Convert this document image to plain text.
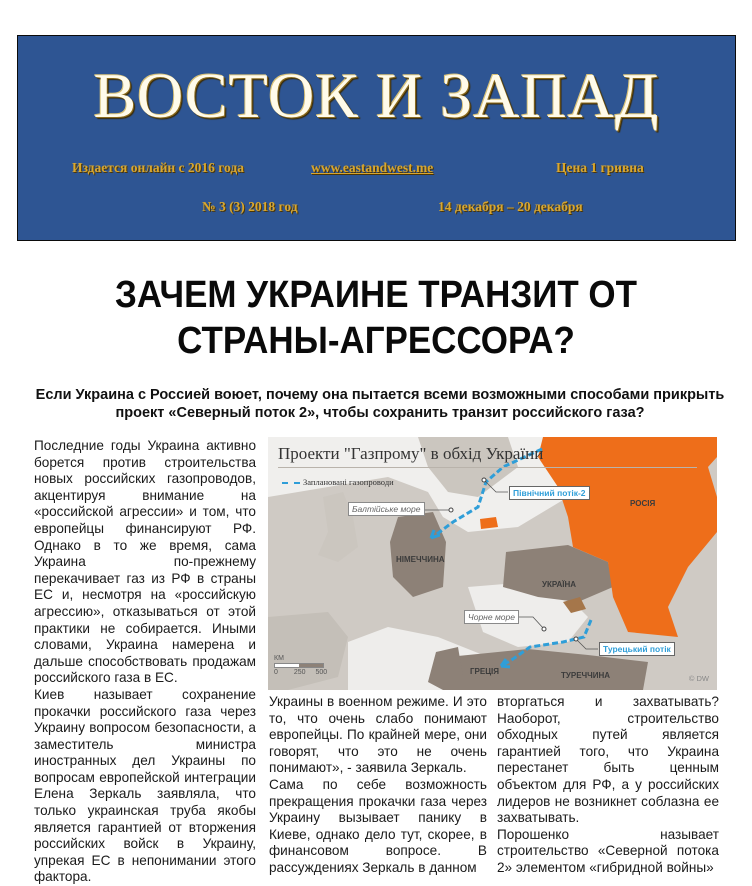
ВОСТОК И ЗАПАД
Издается онлайн с 2016 года	www.eastandwest.me	Цена 1 гривна
№ 3 (3) 2018 год	14 декабря – 20 декабря
ЗАЧЕМ УКРАИНЕ ТРАНЗИТ ОТ СТРАНЫ-АГРЕССОРА?
Если Украина с Россией воюет, почему она пытается всеми возможными способами прикрыть проект «Северный поток 2», чтобы сохранить транзит российского газа?

Последние годы Украина активно борется против строительства новых российских газопроводов, акцентируя внимание на «российской агрессии» и том, что европейцы финансируют РФ. Однако в то же время, сама Украина по-прежнему перекачивает газ из РФ в страны ЕС и, несмотря на «российскую агрессию», отказываться от этой практики не собирается. Иными словами, Украина намерена и дальше способствовать продажам российского газа в ЕС.

Киев называет сохранение прокачки российского газа через Украину вопросом безопасности, а заместитель министра иностранных дел Украины по вопросам европейской интеграции Елена Зеркаль заявляла, что только украинская труба якобы является гарантией от вторжения российских войск в Украину, упрекая ЕС в непонимании этого фактора.

Проекти "Газпрому" в обхід України
Заплановані газопроводи
Балтійське море
Чорне море
Північний потік-2
Турецький потік
РОСІЯ
НІМЕЧЧИНА
УКРАЇНА
ГРЕЦІЯ	ТУРЕЧЧИНА
КМ
0 250 500
© DW

Украины в военном режиме. И это то, что очень слабо понимают европейцы. По крайней мере, они говорят, что это не очень понимают», - заявила Зеркаль.

Сама по себе возможность прекращения прокачки газа через Украину вызывает панику в Киеве, однако дело тут, скорее, в финансовом вопросе. В рассуждениях Зеркаль в данном

вторгаться и захватывать? Наоборот, строительство обходных путей является гарантией того, что Украина перестанет быть ценным объектом для РФ, а у российских лидеров не возникнет соблазна ее захватывать.

Порошенко называет строительство «Северной потока 2» элементом «гибридной войны»
